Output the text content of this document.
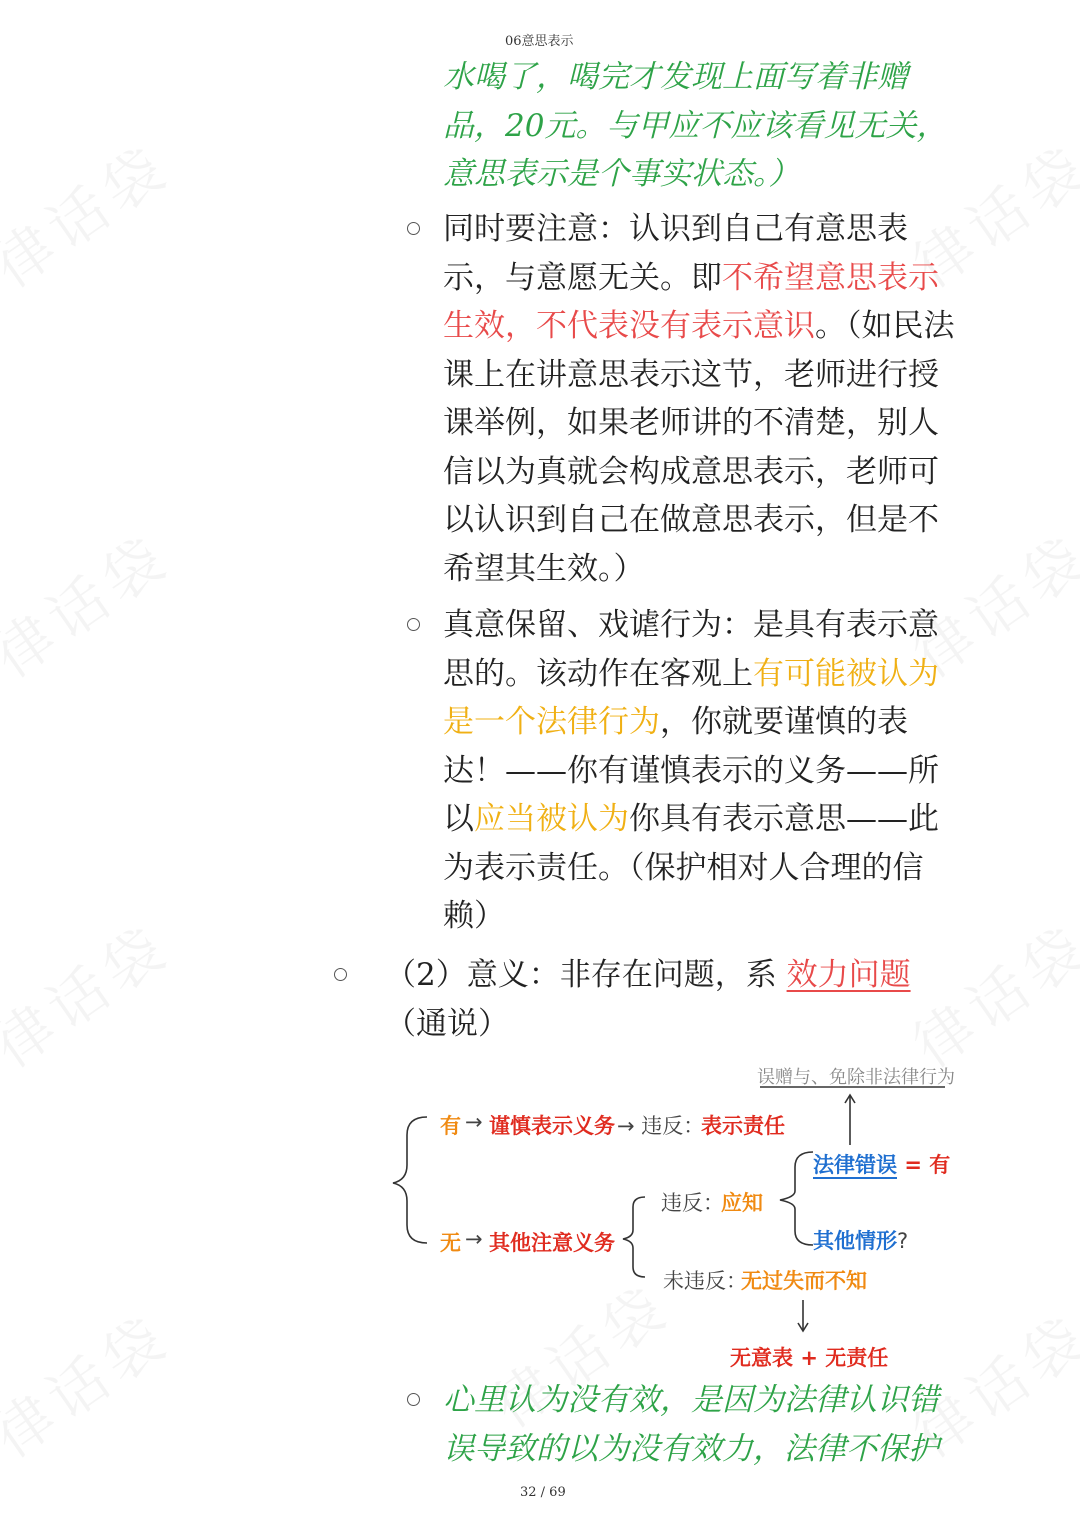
06意思表示
水喝了，喝完才发现上面写着非赠
品，20元。与甲应不应该看见无关，
意思表示是个事实状态。）
同时要注意：认识到自己有意思表
示，与意愿无关。即不希望意思表示
生效，不代表没有表示意识。（如民法
课上在讲意思表示这节，老师进行授
课举例，如果老师讲的不清楚，别人
信以为真就会构成意思表示，老师可
以认识到自己在做意思表示，但是不
希望其生效。）
真意保留、戏谑行为：是具有表示意
思的。该动作在客观上有可能被认为
是一个法律行为，你就要谨慎的表
达！——你有谨慎表示的义务——所
以应当被认为你具有表示意思——此
为表示责任。（保护相对人合理的信
赖）
（2）意义：非存在问题，系 效力问题
（通说）
误赠与、免除非法律行为
有 → 谨慎表示义务 → 违反：
表示责任
法律错误 = 有
违反：
应知
其他情形?
无 → 其他注意义务
未违反：
无过失而不知
无意表 + 无责任
心里认为没有效，是因为法律认识错
误导致的以为没有效力，法律不保护
32 / 69
